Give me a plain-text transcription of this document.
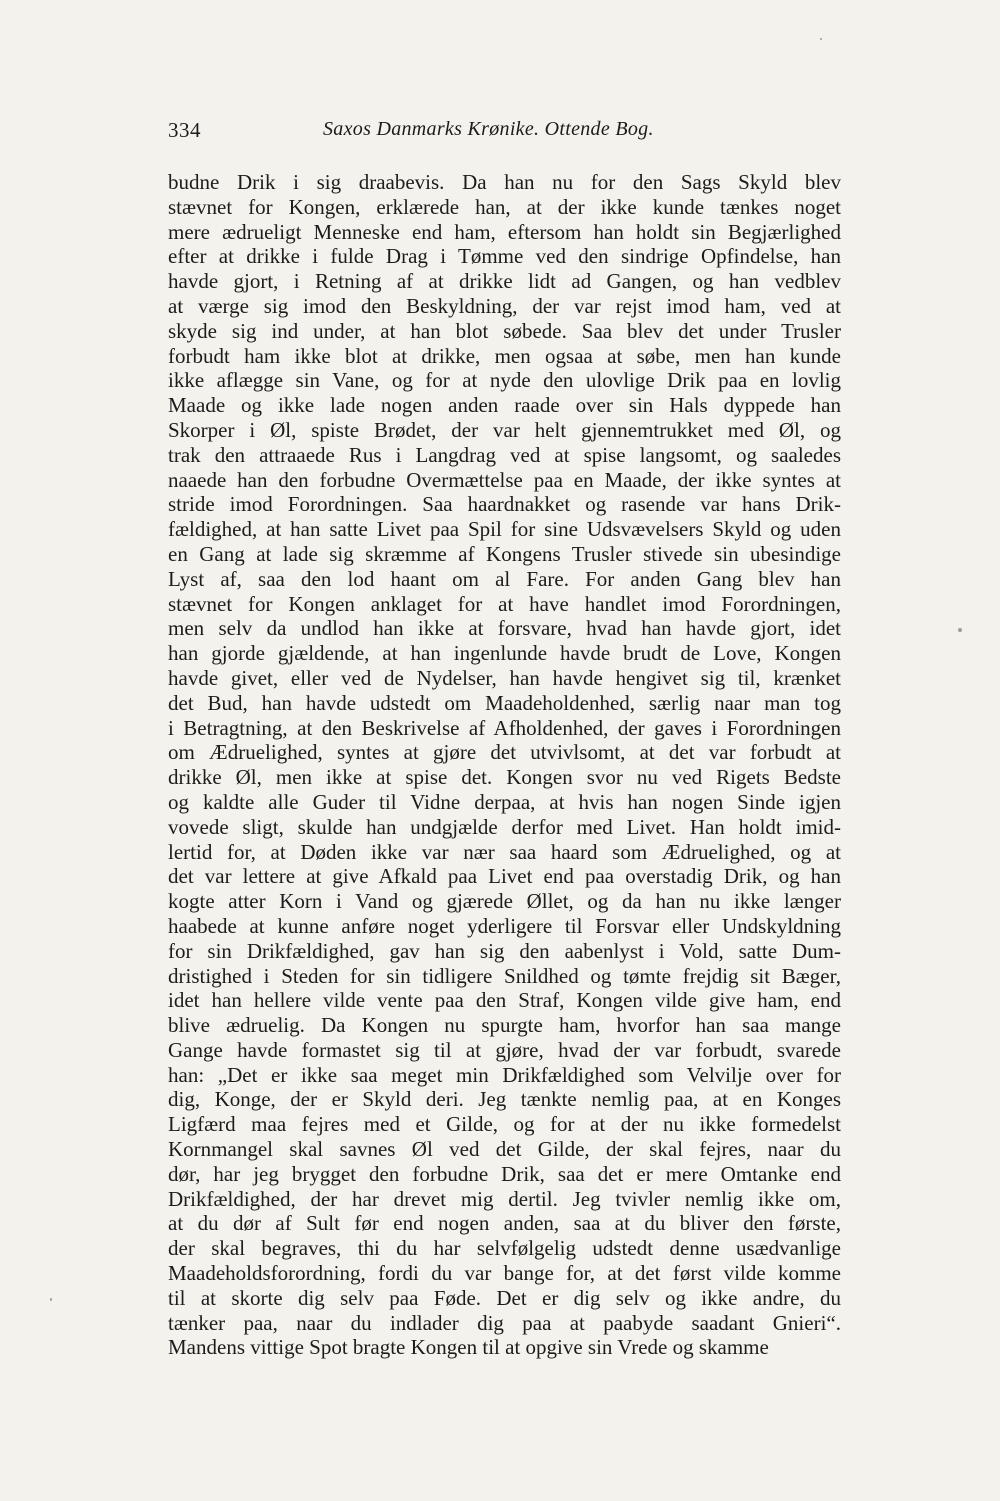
334	Saxos Danmarks Krønike. Ottende Bog.
budne Drik i sig draabevis. Da han nu for den Sags Skyld blev
stævnet for Kongen, erklærede han, at der ikke kunde tænkes noget
mere ædrueligt Menneske end ham, eftersom han holdt sin Begjærlighed
efter at drikke i fulde Drag i Tømme ved den sindrige Opfindelse, han
havde gjort, i Retning af at drikke lidt ad Gangen, og han vedblev
at værge sig imod den Beskyldning, der var rejst imod ham, ved at
skyde sig ind under, at han blot søbede. Saa blev det under Trusler
forbudt ham ikke blot at drikke, men ogsaa at søbe, men han kunde
ikke aflægge sin Vane, og for at nyde den ulovlige Drik paa en lovlig
Maade og ikke lade nogen anden raade over sin Hals dyppede han
Skorper i Øl, spiste Brødet, der var helt gjennemtrukket med Øl, og
trak den attraaede Rus i Langdrag ved at spise langsomt, og saaledes
naaede han den forbudne Overmættelse paa en Maade, der ikke syntes at
stride imod Forordningen. Saa haardnakket og rasende var hans Drik-
fældighed, at han satte Livet paa Spil for sine Udsvævelsers Skyld og uden
en Gang at lade sig skræmme af Kongens Trusler stivede sin ubesindige
Lyst af, saa den lod haant om al Fare. For anden Gang blev han
stævnet for Kongen anklaget for at have handlet imod Forordningen,
men selv da undlod han ikke at forsvare, hvad han havde gjort, idet
han gjorde gjældende, at han ingenlunde havde brudt de Love, Kongen
havde givet, eller ved de Nydelser, han havde hengivet sig til, krænket
det Bud, han havde udstedt om Maadeholdenhed, særlig naar man tog
i Betragtning, at den Beskrivelse af Afholdenhed, der gaves i Forordningen
om Ædruelighed, syntes at gjøre det utvivlsomt, at det var forbudt at
drikke Øl, men ikke at spise det. Kongen svor nu ved Rigets Bedste
og kaldte alle Guder til Vidne derpaa, at hvis han nogen Sinde igjen
vovede sligt, skulde han undgjælde derfor med Livet. Han holdt imid-
lertid for, at Døden ikke var nær saa haard som Ædruelighed, og at
det var lettere at give Afkald paa Livet end paa overstadig Drik, og han
kogte atter Korn i Vand og gjærede Øllet, og da han nu ikke længer
haabede at kunne anføre noget yderligere til Forsvar eller Undskyldning
for sin Drikfældighed, gav han sig den aabenlyst i Vold, satte Dum-
dristighed i Steden for sin tidligere Snildhed og tømte frejdig sit Bæger,
idet han hellere vilde vente paa den Straf, Kongen vilde give ham, end
blive ædruelig. Da Kongen nu spurgte ham, hvorfor han saa mange
Gange havde formastet sig til at gjøre, hvad der var forbudt, svarede
han: „Det er ikke saa meget min Drikfældighed som Velvilje over for
dig, Konge, der er Skyld deri. Jeg tænkte nemlig paa, at en Konges
Ligfærd maa fejres med et Gilde, og for at der nu ikke formedelst
Kornmangel skal savnes Øl ved det Gilde, der skal fejres, naar du
dør, har jeg brygget den forbudne Drik, saa det er mere Omtanke end
Drikfældighed, der har drevet mig dertil. Jeg tvivler nemlig ikke om,
at du dør af Sult før end nogen anden, saa at du bliver den første,
der skal begraves, thi du har selvfølgelig udstedt denne usædvanlige
Maadeholdsforordning, fordi du var bange for, at det først vilde komme
til at skorte dig selv paa Føde. Det er dig selv og ikke andre, du
tænker paa, naar du indlader dig paa at paabyde saadant Gnieri“.
Mandens vittige Spot bragte Kongen til at opgive sin Vrede og skamme
